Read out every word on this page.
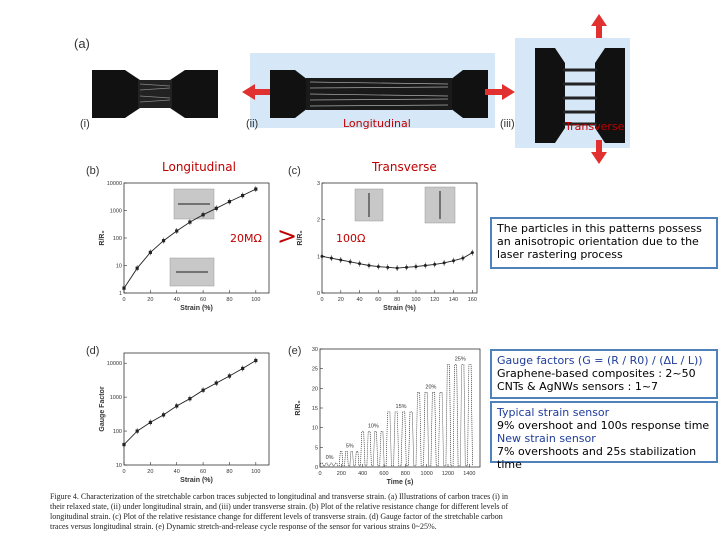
(a)
(i)	(ii)	(iii)
Longitudinal	Transverse
(b)	Longitudinal
20MΩ
0	20	40	60	80	100
1
10
100
1000
10000
Strain (%)
R/R₀	>
(c)	Transverse
100Ω
0	20 40 60 80 100 120 140 160
0
1
2
3
Strain (%)
R/R₀
The particles in this patterns possess an anisotropic orientation due to the laser rastering process
Gauge factors (G = (R / R0) / (ΔL / L))
Graphene-based composites : 2~50
CNTs & AgNWs sensors : 1~7
Typical strain sensor
9% overshoot and 100s response time
New strain sensor
7% overshoots and 25s stabilization time
(d)
0	20	40	60	80	100
10
100
1000
10000
Strain (%)
Gauge Factor
(e)
0	200 400 600 800 1000 1200 1400
0
5
10
15
20
25
30
Time (s)
R/R₀
0%
5%
10%
15%
20%
25%
Figure 4. Characterization of the stretchable carbon traces subjected to longitudinal and transverse strain. (a) Illustrations of carbon traces (i) in their relaxed state, (ii) under longitudinal strain, and (iii) under transverse strain. (b) Plot of the relative resistance change for different levels of longitudinal strain. (c) Plot of the relative resistance change for different levels of transverse strain. (d) Gauge factor of the stretchable carbon traces versus longitudinal strain. (e) Dynamic stretch-and-release cycle response of the sensor for various strains 0~25%.
